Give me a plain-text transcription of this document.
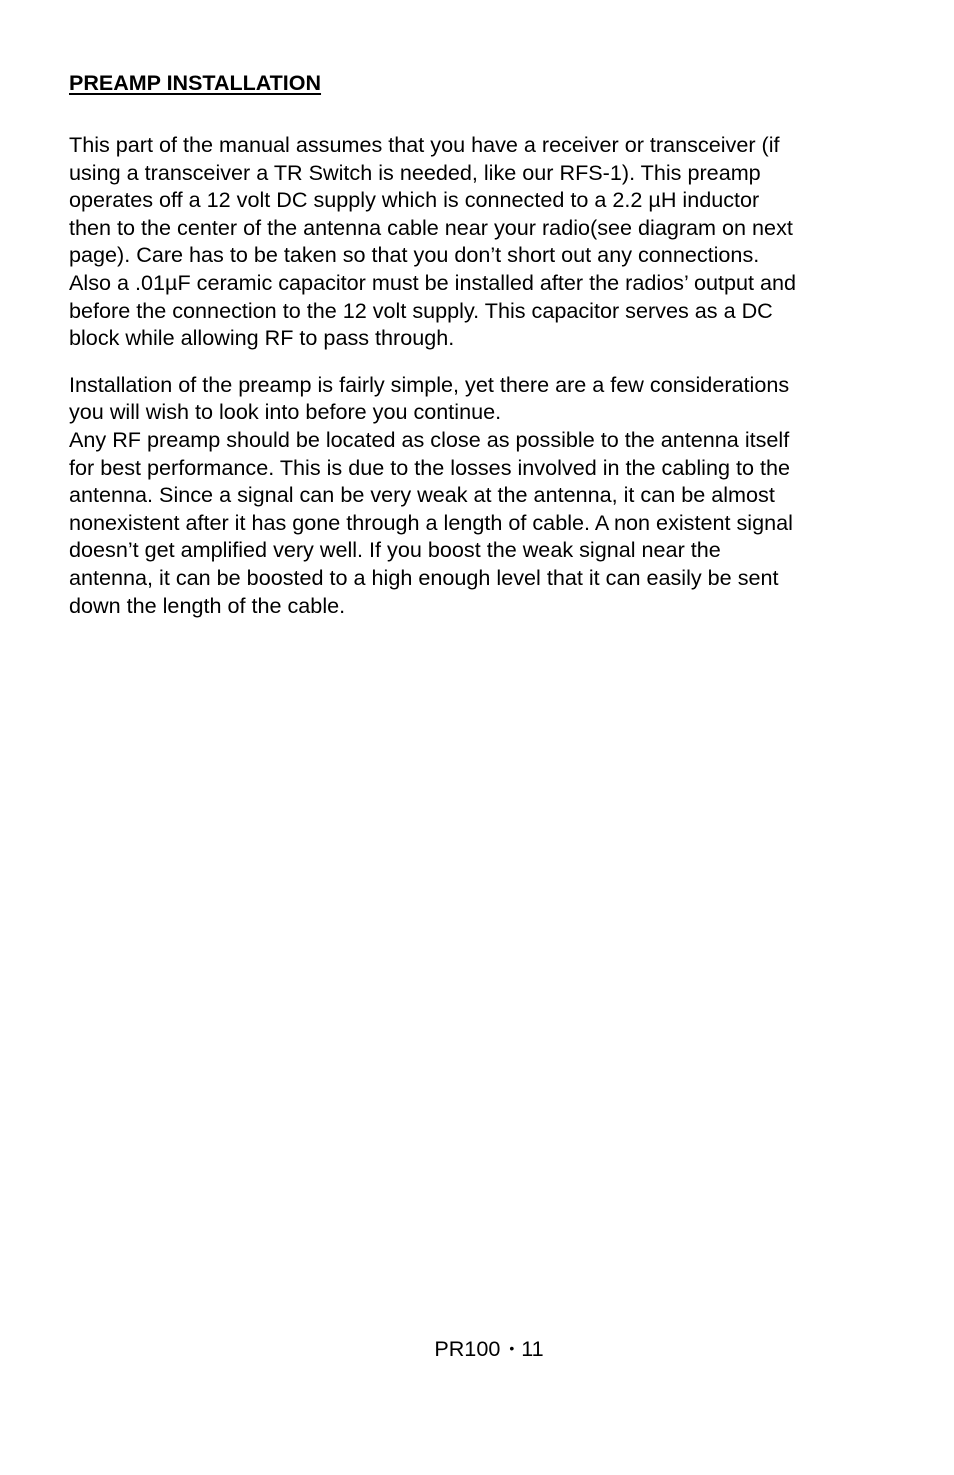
PREAMP INSTALLATION

This part of the manual assumes that you have a receiver or transceiver (if
using a transceiver a TR Switch is needed, like our RFS-1). This preamp
operates off a 12 volt DC supply which is connected to a 2.2 µH inductor
then to the center of the antenna cable near your radio(see diagram on next
page). Care has to be taken so that you don’t short out any connections.
Also a .01µF ceramic capacitor must be installed after the radios’ output and
before the connection to the 12 volt supply. This capacitor serves as a DC
block while allowing RF to pass through.

Installation of the preamp is fairly simple, yet there are a few considerations
you will wish to look into before you continue.
Any RF preamp should be located as close as possible to the antenna itself
for best performance. This is due to the losses involved in the cabling to the
antenna. Since a signal can be very weak at the antenna, it can be almost
nonexistent after it has gone through a length of cable. A non existent signal
doesn’t get amplified very well. If you boost the weak signal near the
antenna, it can be boosted to a high enough level that it can easily be sent
down the length of the cable.

PR100 • 11
